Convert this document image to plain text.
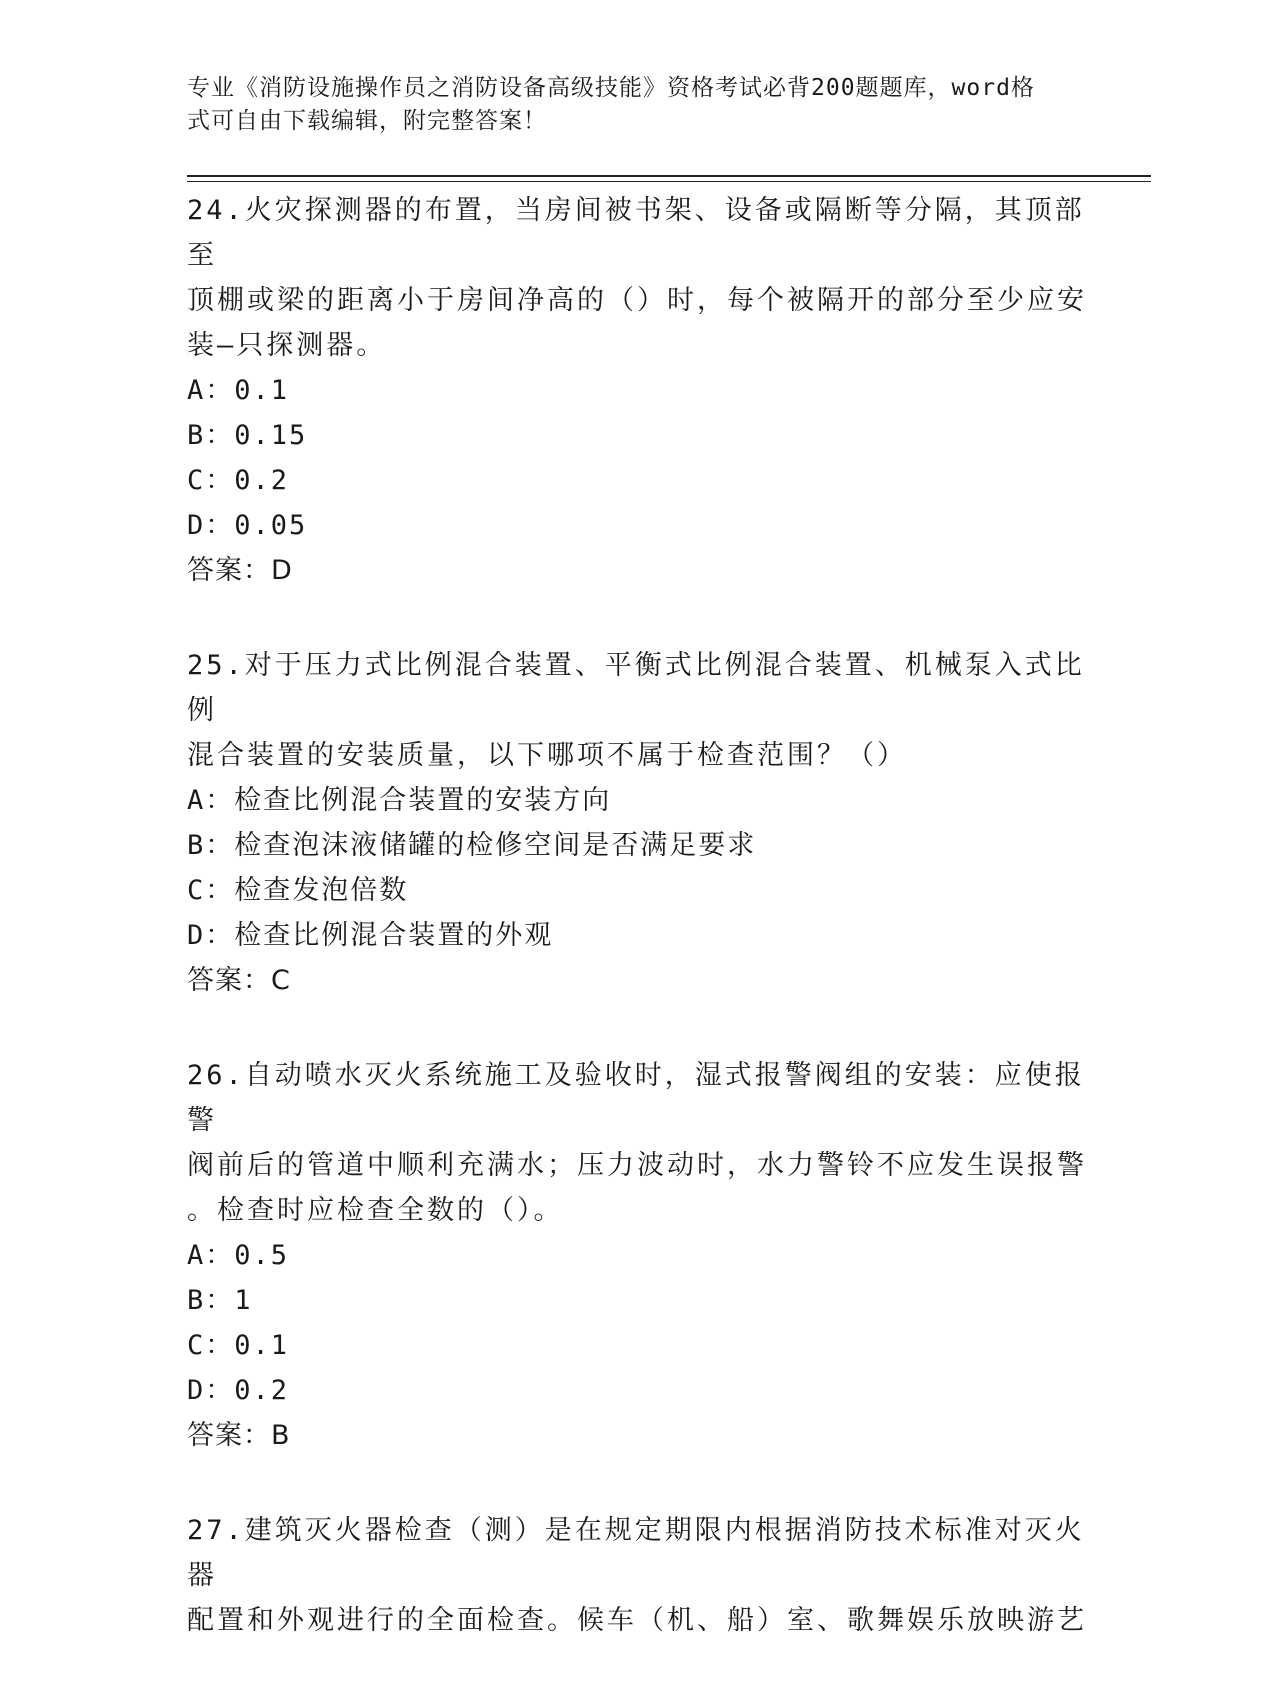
专业《消防设施操作员之消防设备高级技能》资格考试必背200题题库，word格
式可自由下载编辑，附完整答案！

24.火灾探测器的布置，当房间被书架、设备或隔断等分隔，其顶部至

顶棚或梁的距离小于房间净高的（）时，每个被隔开的部分至少应安

装—只探测器。

A：0.1

B：0.15

C：0.2

D：0.05

答案：D

25.对于压力式比例混合装置、平衡式比例混合装置、机械泵入式比例

混合装置的安装质量，以下哪项不属于检查范围？（）

A：检查比例混合装置的安装方向

B：检查泡沫液储罐的检修空间是否满足要求

C：检查发泡倍数

D：检查比例混合装置的外观

答案：C

26.自动喷水灭火系统施工及验收时，湿式报警阀组的安装：应使报警

阀前后的管道中顺利充满水；压力波动时，水力警铃不应发生误报警

。检查时应检查全数的（）。

A：0.5

B：1

C：0.1

D：0.2

答案：B

27.建筑灭火器检查（测）是在规定期限内根据消防技术标准对灭火器

配置和外观进行的全面检查。候车（机、船）室、歌舞娱乐放映游艺
